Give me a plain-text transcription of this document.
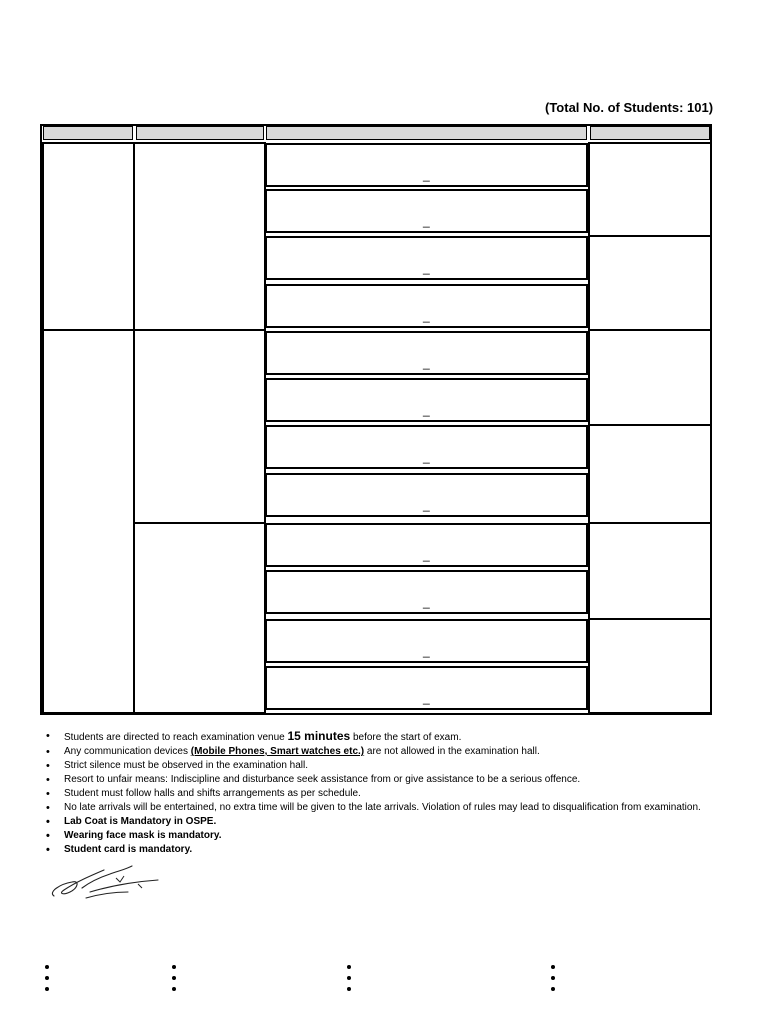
(Total No. of Students: 101)
_
_
_
_
_
_
_
_
_
_
_
_
• Students are directed to reach examination venue 15 minutes before the start of exam.
• Any communication devices (Mobile Phones, Smart watches etc.) are not allowed in the examination hall.
• Strict silence must be observed in the examination hall.
• Resort to unfair means: Indiscipline and disturbance seek assistance from or give assistance to be a serious offence.
• Student must follow halls and shifts arrangements as per schedule.
• No late arrivals will be entertained, no extra time will be given to the late arrivals. Violation of rules may lead to disqualification from examination.
• Lab Coat is Mandatory in OSPE.
• Wearing face mask is mandatory.
• Student card is mandatory.
